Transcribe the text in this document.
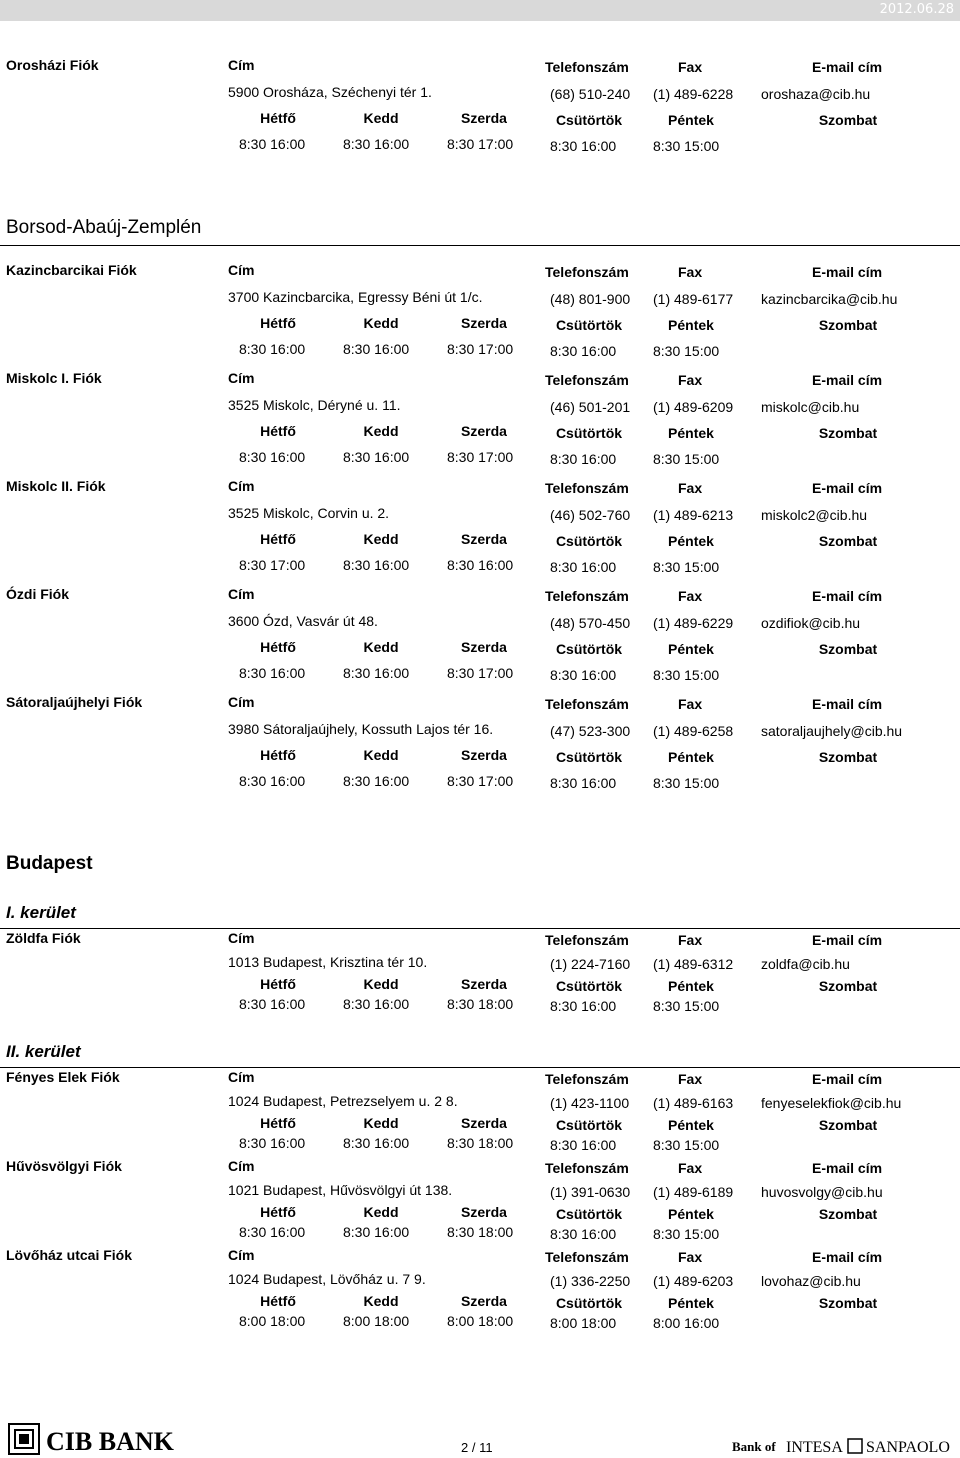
2012.06.28
Borsod-Abaúj-Zemplén
Budapest
I. kerület
II. kerület
Orosházi Fiók	Cím	Telefonszám	Fax	E-mail cím
5900 Orosháza, Széchenyi tér 1.	(68) 510-240 (1) 489-6228 oroshaza@cib.hu
Hétfő	Kedd	Szerda	Csütörtök	Péntek	Szombat
8:30 16:00	8:30 16:00	8:30 17:00	8:30 16:00	8:30 15:00
Kazincbarcikai Fiók	Cím	Telefonszám	Fax	E-mail cím
3700 Kazincbarcika, Egressy Béni út 1/c.	(48) 801-900 (1) 489-6177 kazincbarcika@cib.hu
Hétfő	Kedd	Szerda	Csütörtök	Péntek	Szombat
8:30 16:00	8:30 16:00	8:30 17:00	8:30 16:00	8:30 15:00
Miskolc I. Fiók	Cím	Telefonszám	Fax	E-mail cím
3525 Miskolc, Déryné u. 11.	(46) 501-201 (1) 489-6209 miskolc@cib.hu
Hétfő	Kedd	Szerda	Csütörtök	Péntek	Szombat
8:30 16:00	8:30 16:00	8:30 17:00	8:30 16:00	8:30 15:00
Miskolc II. Fiók	Cím	Telefonszám	Fax	E-mail cím
3525 Miskolc, Corvin u. 2.	(46) 502-760 (1) 489-6213 miskolc2@cib.hu
Hétfő	Kedd	Szerda	Csütörtök	Péntek	Szombat
8:30 17:00	8:30 16:00	8:30 16:00	8:30 16:00	8:30 15:00
Ózdi Fiók	Cím	Telefonszám	Fax	E-mail cím
3600 Ózd, Vasvár út 48.	(48) 570-450 (1) 489-6229 ozdifiok@cib.hu
Hétfő	Kedd	Szerda	Csütörtök	Péntek	Szombat
8:30 16:00	8:30 16:00	8:30 17:00	8:30 16:00	8:30 15:00
Sátoraljaújhelyi Fiók	Cím	Telefonszám	Fax	E-mail cím
3980 Sátoraljaújhely, Kossuth Lajos tér 16.	(47) 523-300 (1) 489-6258 satoraljaujhely@cib.hu
Hétfő	Kedd	Szerda	Csütörtök	Péntek	Szombat
8:30 16:00	8:30 16:00	8:30 17:00	8:30 16:00	8:30 15:00
Zöldfa Fiók	Cím	Telefonszám	Fax	E-mail cím
1013 Budapest, Krisztina tér 10.	(1) 224-7160 (1) 489-6312 zoldfa@cib.hu
Hétfő	Kedd	Szerda	Csütörtök	Péntek	Szombat
8:30 16:00	8:30 16:00	8:30 18:00	8:30 16:00	8:30 15:00
Fényes Elek Fiók	Cím	Telefonszám	Fax	E-mail cím
1024 Budapest, Petrezselyem u. 2 8.	(1) 423-1100 (1) 489-6163 fenyeselekfiok@cib.hu
Hétfő	Kedd	Szerda	Csütörtök	Péntek	Szombat
8:30 16:00	8:30 16:00	8:30 18:00	8:30 16:00	8:30 15:00
Hűvösvölgyi Fiók	Cím	Telefonszám	Fax	E-mail cím
1021 Budapest, Hűvösvölgyi út 138.	(1) 391-0630 (1) 489-6189 huvosvolgy@cib.hu
Hétfő	Kedd	Szerda	Csütörtök	Péntek	Szombat
8:30 16:00	8:30 16:00	8:30 18:00	8:30 16:00	8:30 15:00
Lövőház utcai Fiók	Cím	Telefonszám	Fax	E-mail cím
1024 Budapest, Lövőház u. 7 9.	(1) 336-2250 (1) 489-6203 lovohaz@cib.hu
Hétfő	Kedd	Szerda	Csütörtök	Péntek	Szombat
8:00 18:00	8:00 18:00	8:00 18:00	8:00 18:00	8:00 16:00
CIB BANK	2 / 11	Bank of INTESA SANPAOLO
